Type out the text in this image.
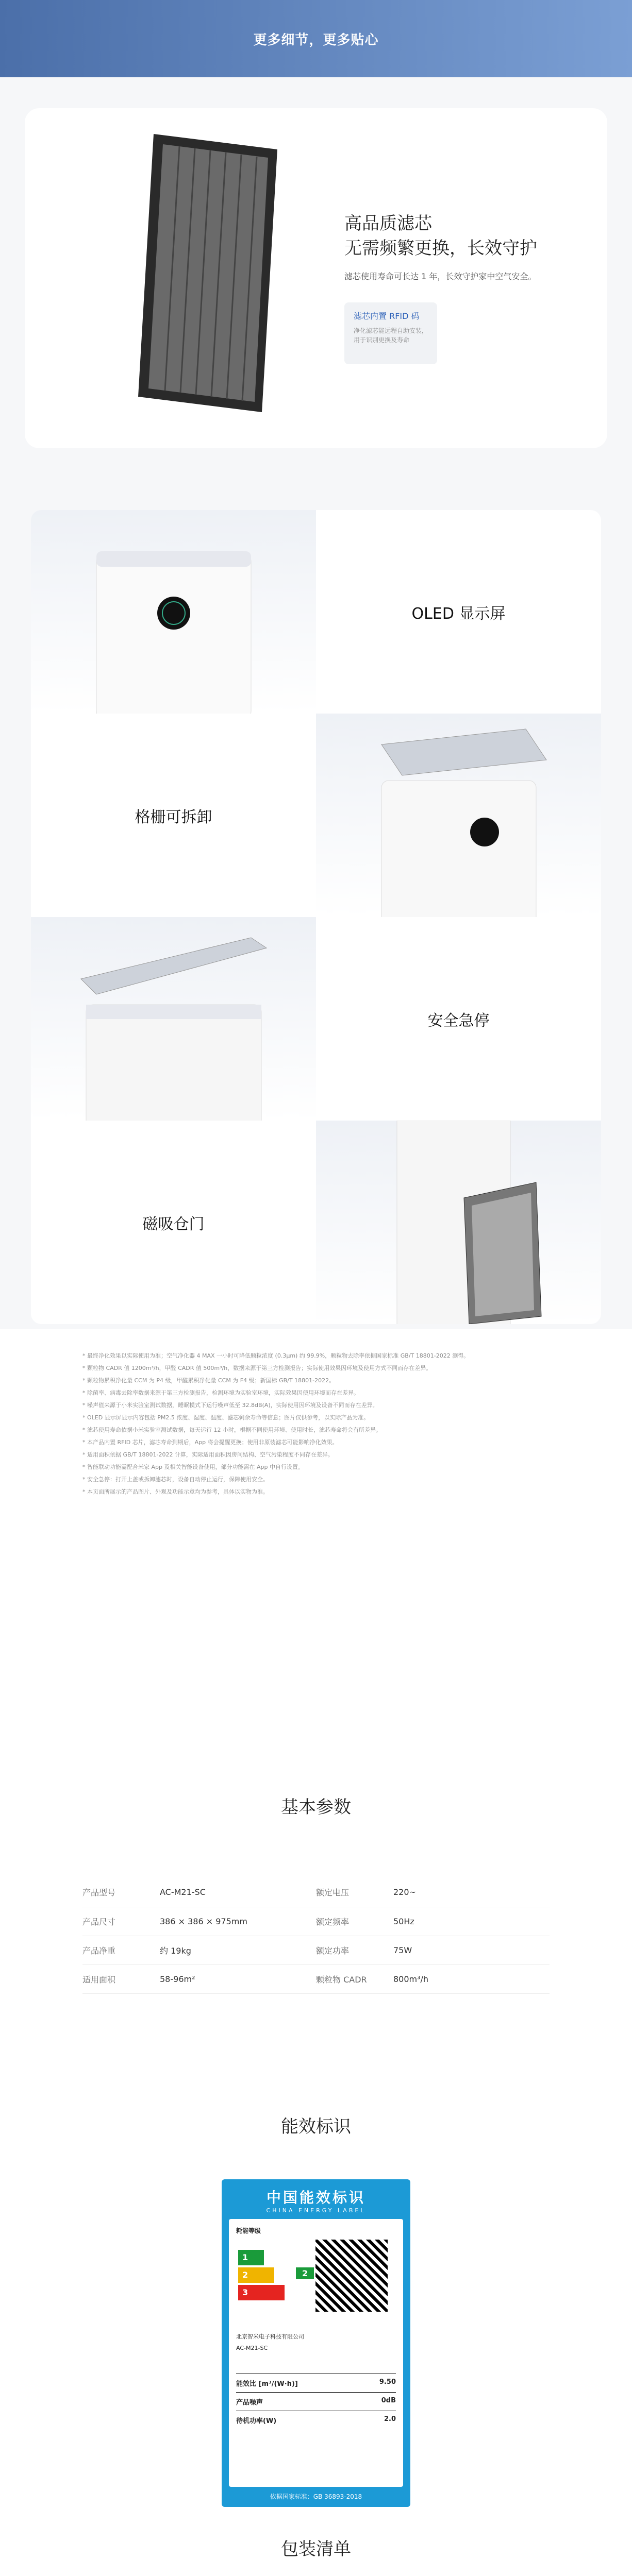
更多细节，更多贴心
高品质滤芯
无需频繁更换，长效守护

滤芯使用寿命可长达 1 年，长效守护家中空气安全。

滤芯内置 RFID 码
净化滤芯能远程自助安装，
用于识别更换及寿命
OLED 显示屏
格栅可拆卸
安全急停
磁吸仓门

* 最终净化效果以实际使用为准；空气净化器 4 MAX 一小时可降低颗粒浓度 (0.3μm) 约 99.9%，颗粒物去除率依据国家标准 GB/T 18801-2022 测得。

* 颗粒物 CADR 值 1200m³/h，甲醛 CADR 值 500m³/h，数据来源于第三方检测报告；实际使用效果因环境及使用方式不同而存在差异。

* 颗粒物累积净化量 CCM 为 P4 级，甲醛累积净化量 CCM 为 F4 级；新国标 GB/T 18801-2022。

* 除菌率、病毒去除率数据来源于第三方检测报告，检测环境为实验室环境，实际效果因使用环境而存在差异。

* 噪声值来源于小米实验室测试数据，睡眠模式下运行噪声低至 32.8dB(A)，实际使用因环境及设备不同而存在差异。

* OLED 显示屏显示内容包括 PM2.5 浓度、湿度、温度、滤芯剩余寿命等信息；图片仅供参考，以实际产品为准。

* 滤芯使用寿命依据小米实验室测试数据，每天运行 12 小时，根据不同使用环境、使用时长，滤芯寿命将会有所差异。

* 本产品内置 RFID 芯片，滤芯寿命到期后，App 将会提醒更换；使用非原装滤芯可能影响净化效果。

* 适用面积依据 GB/T 18801-2022 计算，实际适用面积因房间结构、空气污染程度不同存在差异。

* 智能联动功能需配合米家 App 及相关智能设备使用，部分功能需在 App 中自行设置。

* 安全急停：打开上盖或拆卸滤芯时，设备自动停止运行，保障使用安全。

* 本页面所展示的产品图片、外观及功能示意均为参考，具体以实物为准。

基本参数
产品型号	AC-M21-SC	额定电压	220~
产品尺寸	386 × 386 × 975mm	额定频率	50Hz
产品净重	约 19kg	额定功率	75W
适用面积	58-96m²	颗粒物 CADR	800m³/h
能效标识
中国能效标识
CHINA ENERGY LABEL
耗能等级
1
2
3
2
北京智米电子科技有限公司
AC-M21-SC
能效比 [m³/(W·h)]	9.50
产品噪声	0dB
待机功率(W)	2.0
依据国家标准：GB 36893-2018
包装清单
